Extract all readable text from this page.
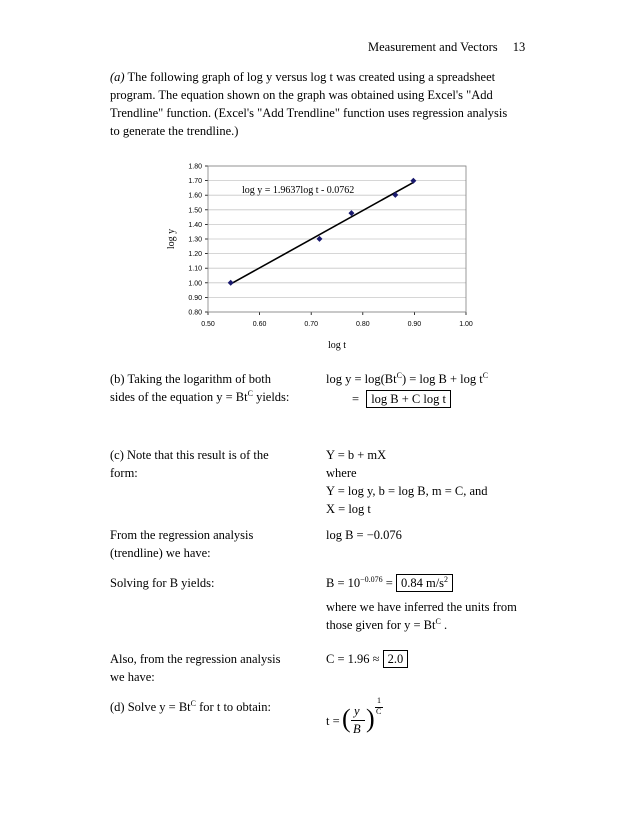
Measurement and Vectors 13
(a) The following graph of log y versus log t was created using a spreadsheet
program. The equation shown on the graph was obtained using Excel's "Add
Trendline" function. (Excel's "Add Trendline" function uses regression analysis
to generate the trendline.)
0.80
0.90
1.00
1.10
1.20
1.30
1.40
1.50
1.60
1.70
1.80
0.50	0.60	0.70	0.80	0.90	1.00
log y = 1.9637log t - 0.0762
log t
log y
(b) Taking the logarithm of both
sides of the equation $y = Bt^C$ yields:
$\log y = \log(Bt^C) = \log B + \log t^C$
= log B + C log t
(c) Note that this result is of the
form:
Y = b + mX
where
Y = log y, b = log B, m = C, and
X = log t
From the regression analysis
(trendline) we have:
log B = −0.076
Solving for B yields:	$B = 10^{-0.076} = 0.84$ $m/s^2$
where we have inferred the units from
those given for $y = Bt^C$ .
Also, from the regression analysis
we have:
C = 1.96 ≈ 2.0
(d) Solve $y = Bt^C$ for t to obtain:
t = ( y
B )
1
C
